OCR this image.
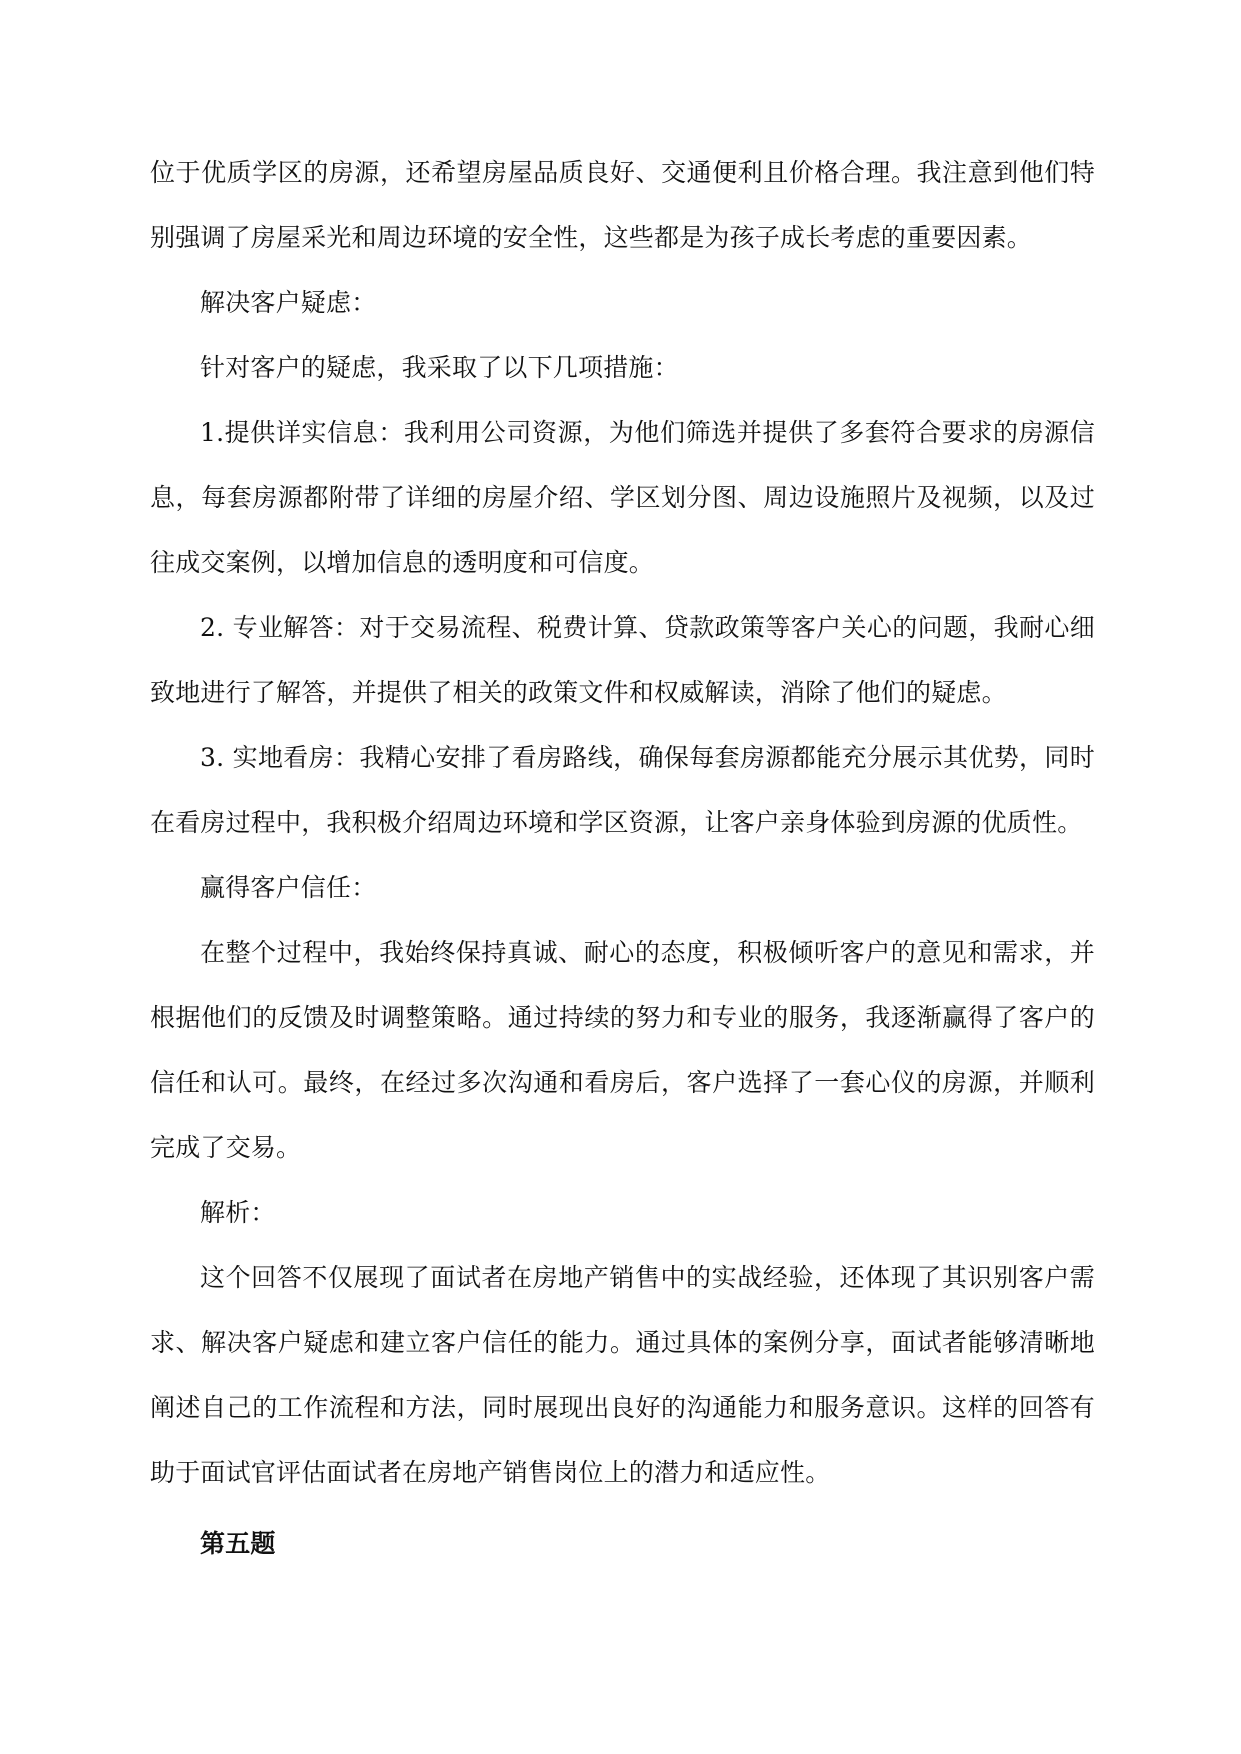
位于优质学区的房源，还希望房屋品质良好、交通便利且价格合理。我注意到他们特别强调了房屋采光和周边环境的安全性，这些都是为孩子成长考虑的重要因素。

解决客户疑虑：

针对客户的疑虑，我采取了以下几项措施：

1.提供详实信息：我利用公司资源，为他们筛选并提供了多套符合要求的房源信息，每套房源都附带了详细的房屋介绍、学区划分图、周边设施照片及视频，以及过往成交案例，以增加信息的透明度和可信度。

2. 专业解答：对于交易流程、税费计算、贷款政策等客户关心的问题，我耐心细致地进行了解答，并提供了相关的政策文件和权威解读，消除了他们的疑虑。

3. 实地看房：我精心安排了看房路线，确保每套房源都能充分展示其优势，同时在看房过程中，我积极介绍周边环境和学区资源，让客户亲身体验到房源的优质性。

赢得客户信任：

在整个过程中，我始终保持真诚、耐心的态度，积极倾听客户的意见和需求，并根据他们的反馈及时调整策略。通过持续的努力和专业的服务，我逐渐赢得了客户的信任和认可。最终，在经过多次沟通和看房后，客户选择了一套心仪的房源，并顺利完成了交易。

解析：

这个回答不仅展现了面试者在房地产销售中的实战经验，还体现了其识别客户需求、解决客户疑虑和建立客户信任的能力。通过具体的案例分享，面试者能够清晰地阐述自己的工作流程和方法，同时展现出良好的沟通能力和服务意识。这样的回答有助于面试官评估面试者在房地产销售岗位上的潜力和适应性。

第五题
